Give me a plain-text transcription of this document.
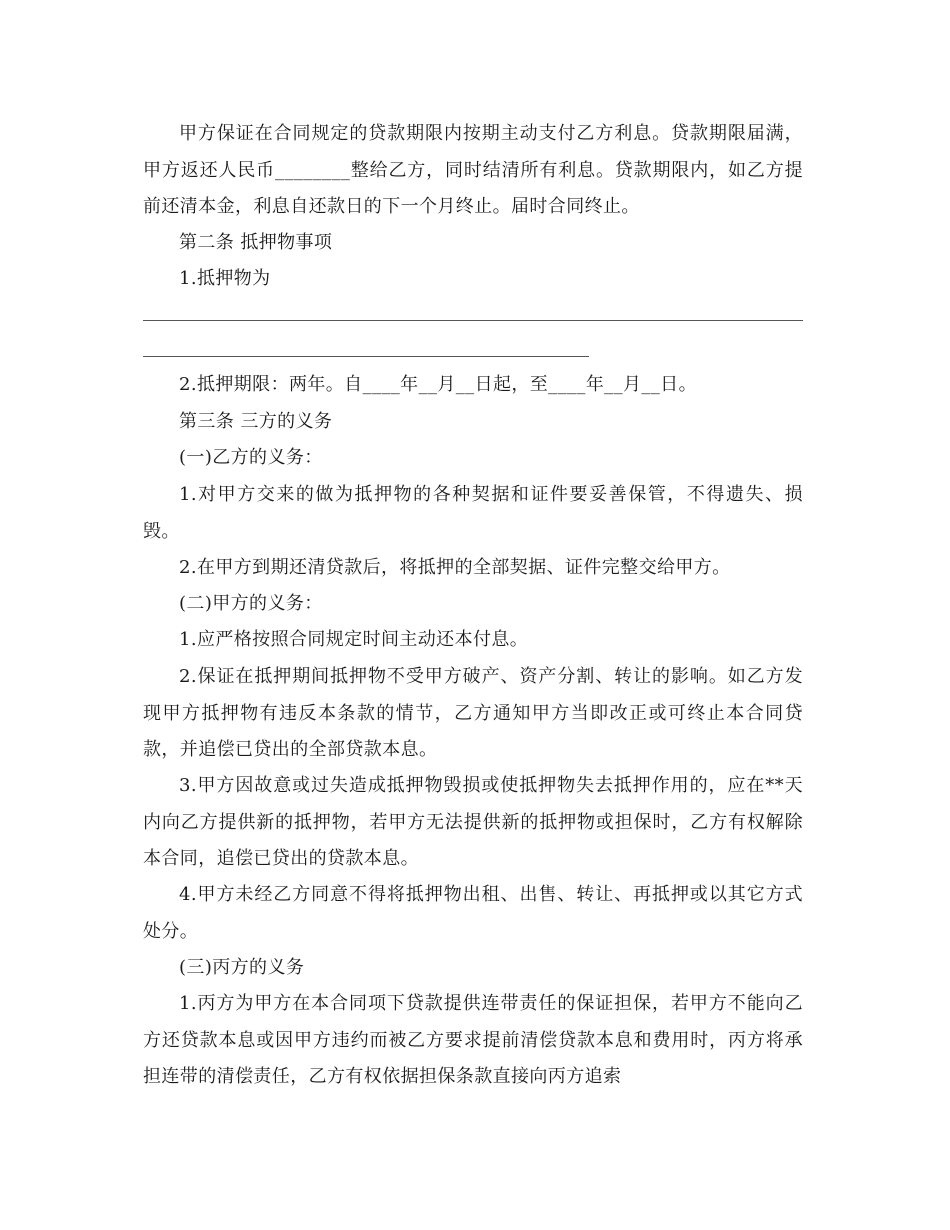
甲方保证在合同规定的贷款期限内按期主动支付乙方利息。贷款期限届满，甲方返还人民币________整给乙方，同时结清所有利息。贷款期限内，如乙方提前还清本金，利息自还款日的下一个月终止。届时合同终止。

第二条 抵押物事项

1.抵押物为

2.抵押期限：两年。自____年__月__日起，至____年__月__日。

第三条 三方的义务

(一)乙方的义务：

1.对甲方交来的做为抵押物的各种契据和证件要妥善保管，不得遗失、损毁。

2.在甲方到期还清贷款后，将抵押的全部契据、证件完整交给甲方。

(二)甲方的义务：

1.应严格按照合同规定时间主动还本付息。

2.保证在抵押期间抵押物不受甲方破产、资产分割、转让的影响。如乙方发现甲方抵押物有违反本条款的情节，乙方通知甲方当即改正或可终止本合同贷款，并追偿已贷出的全部贷款本息。

3.甲方因故意或过失造成抵押物毁损或使抵押物失去抵押作用的，应在**天内向乙方提供新的抵押物，若甲方无法提供新的抵押物或担保时，乙方有权解除本合同，追偿已贷出的贷款本息。

4.甲方未经乙方同意不得将抵押物出租、出售、转让、再抵押或以其它方式处分。

(三)丙方的义务

1.丙方为甲方在本合同项下贷款提供连带责任的保证担保，若甲方不能向乙方还贷款本息或因甲方违约而被乙方要求提前清偿贷款本息和费用时，丙方将承担连带的清偿责任，乙方有权依据担保条款直接向丙方追索
